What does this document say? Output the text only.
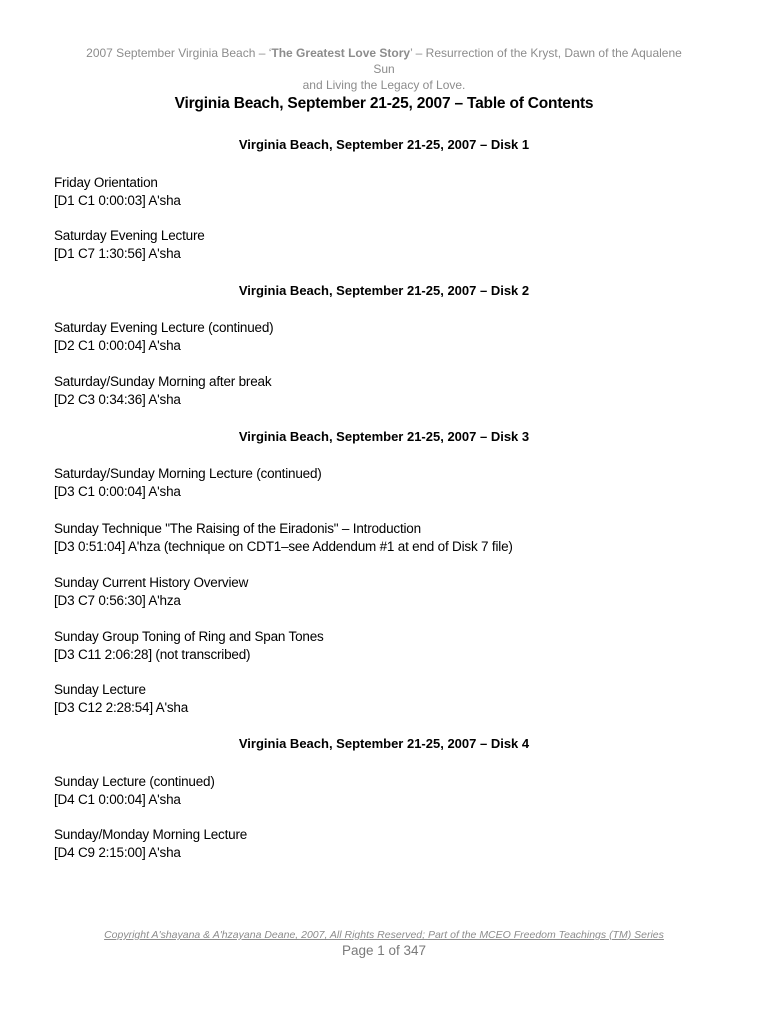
2007 September Virginia Beach – ‘The Greatest Love Story’ – Resurrection of the Kryst, Dawn of the Aqualene Sun
and Living the Legacy of Love.
Virginia Beach, September 21-25, 2007 – Table of Contents
Virginia Beach, September 21-25, 2007 – Disk 1
Friday Orientation
[D1 C1 0:00:03] A'sha
Saturday Evening Lecture
[D1 C7 1:30:56] A'sha
Virginia Beach, September 21-25, 2007 – Disk 2
Saturday Evening Lecture (continued)
[D2 C1 0:00:04] A'sha
Saturday/Sunday Morning after break
[D2 C3 0:34:36] A'sha
Virginia Beach, September 21-25, 2007 – Disk 3
Saturday/Sunday Morning Lecture (continued)
[D3 C1 0:00:04] A'sha
Sunday Technique "The Raising of the Eiradonis" – Introduction
[D3 0:51:04] A'hza (technique on CDT1–see Addendum #1 at end of Disk 7 file)
Sunday Current History Overview
[D3 C7 0:56:30] A'hza
Sunday Group Toning of Ring and Span Tones
[D3 C11 2:06:28] (not transcribed)
Sunday Lecture
[D3 C12 2:28:54] A'sha
Virginia Beach, September 21-25, 2007 – Disk 4
Sunday Lecture (continued)
[D4 C1 0:00:04] A'sha
Sunday/Monday Morning Lecture
[D4 C9 2:15:00] A'sha
Copyright A'shayana & A'hzayana Deane, 2007, All Rights Reserved; Part of the MCEO Freedom Teachings (TM) Series
Page 1 of 347
